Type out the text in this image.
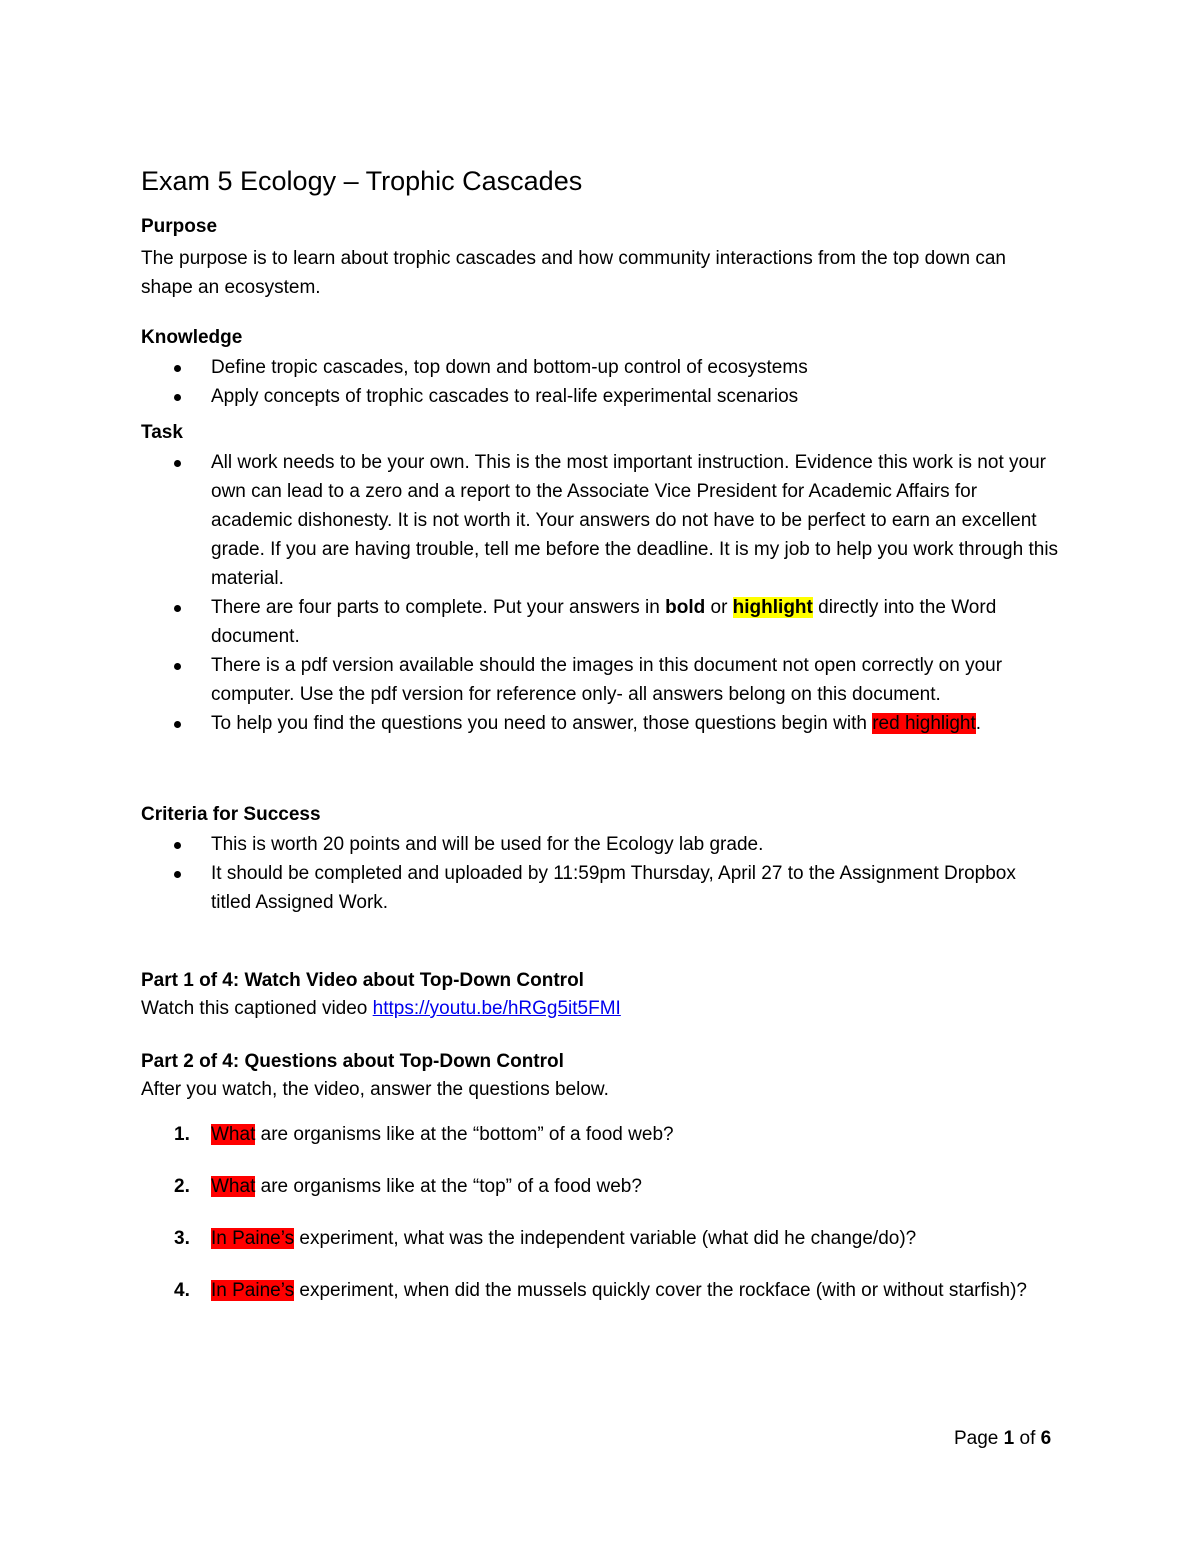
Exam 5 Ecology – Trophic Cascades

Purpose

The purpose is to learn about trophic cascades and how community interactions from the top down can shape an ecosystem.

Knowledge

Define tropic cascades, top down and bottom-up control of ecosystems
Apply concepts of trophic cascades to real-life experimental scenarios

Task

All work needs to be your own. This is the most important instruction. Evidence this work is not your own can lead to a zero and a report to the Associate Vice President for Academic Affairs for academic dishonesty. It is not worth it. Your answers do not have to be perfect to earn an excellent grade. If you are having trouble, tell me before the deadline. It is my job to help you work through this material.
There are four parts to complete. Put your answers in bold or highlight directly into the Word document.
There is a pdf version available should the images in this document not open correctly on your computer. Use the pdf version for reference only- all answers belong on this document.
To help you find the questions you need to answer, those questions begin with red highlight.

Criteria for Success

This is worth 20 points and will be used for the Ecology lab grade.
It should be completed and uploaded by 11:59pm Thursday, April 27 to the Assignment Dropbox titled Assigned Work.

Part 1 of 4: Watch Video about Top-Down Control

Watch this captioned video https://youtu.be/hRGg5it5FMI

Part 2 of 4: Questions about Top-Down Control

After you watch, the video, answer the questions below.

1. What are organisms like at the “bottom” of a food web?
2. What are organisms like at the “top” of a food web?
3. In Paine’s experiment, what was the independent variable (what did he change/do)?
4. In Paine’s experiment, when did the mussels quickly cover the rockface (with or without starfish)?
Page 1 of 6
